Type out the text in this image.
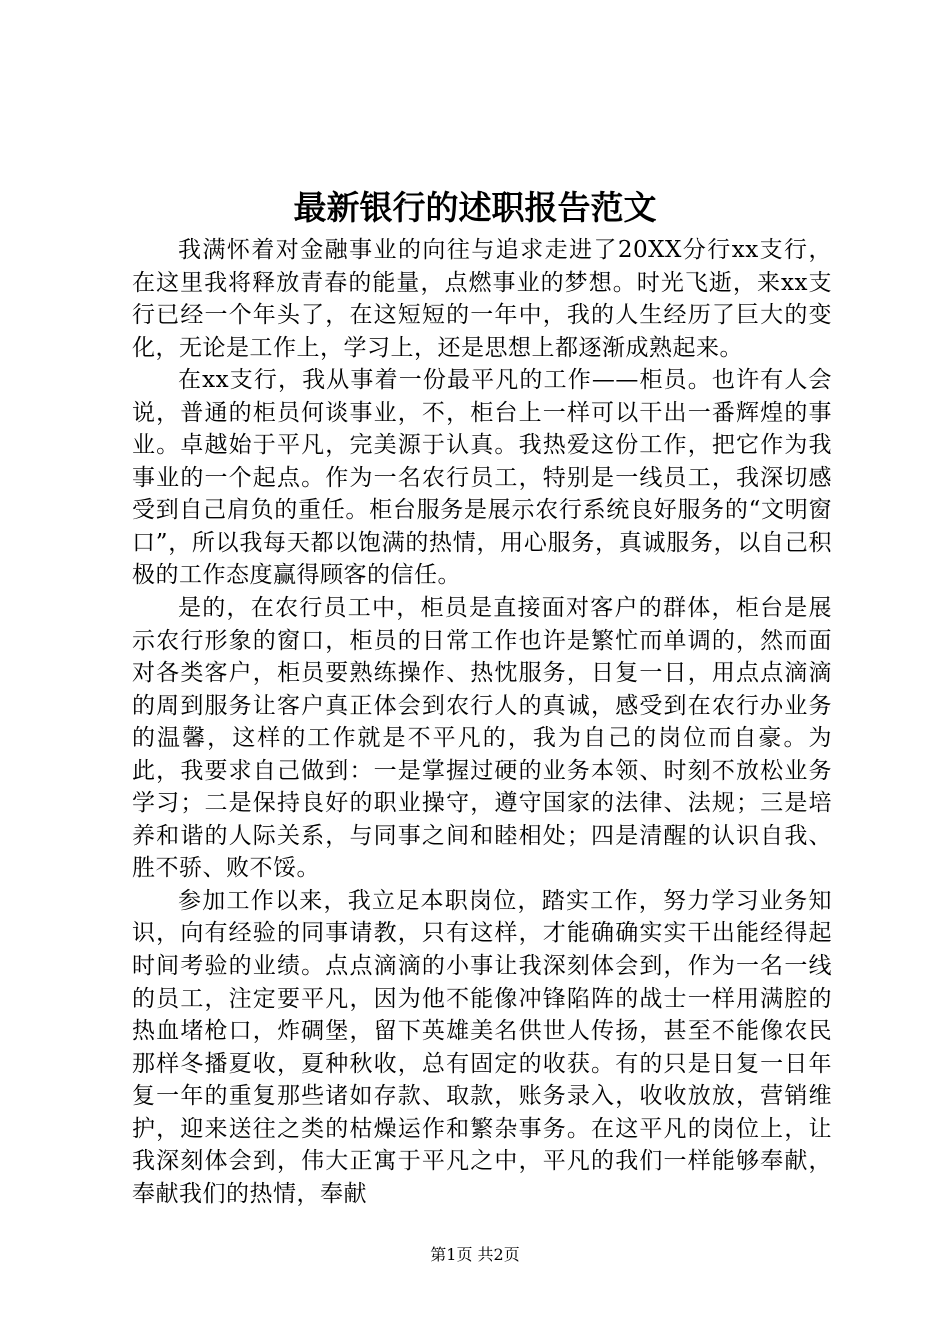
最新银行的述职报告范文

我满怀着对金融事业的向往与追求走进了20XX分行xx支行，在这里我将释放青春的能量，点燃事业的梦想。时光飞逝，来xx支行已经一个年头了，在这短短的一年中，我的人生经历了巨大的变化，无论是工作上，学习上，还是思想上都逐渐成熟起来。

在xx支行，我从事着一份最平凡的工作——柜员。也许有人会说，普通的柜员何谈事业，不，柜台上一样可以干出一番辉煌的事业。卓越始于平凡，完美源于认真。我热爱这份工作，把它作为我事业的一个起点。作为一名农行员工，特别是一线员工，我深切感受到自己肩负的重任。柜台服务是展示农行系统良好服务的“文明窗口”，所以我每天都以饱满的热情，用心服务，真诚服务，以自己积极的工作态度赢得顾客的信任。

是的，在农行员工中，柜员是直接面对客户的群体，柜台是展示农行形象的窗口，柜员的日常工作也许是繁忙而单调的，然而面对各类客户，柜员要熟练操作、热忱服务，日复一日，用点点滴滴的周到服务让客户真正体会到农行人的真诚，感受到在农行办业务的温馨，这样的工作就是不平凡的，我为自己的岗位而自豪。为此，我要求自己做到：一是掌握过硬的业务本领、时刻不放松业务学习；二是保持良好的职业操守，遵守国家的法律、法规；三是培养和谐的人际关系，与同事之间和睦相处；四是清醒的认识自我、胜不骄、败不馁。

参加工作以来，我立足本职岗位，踏实工作，努力学习业务知识，向有经验的同事请教，只有这样，才能确确实实干出能经得起时间考验的业绩。点点滴滴的小事让我深刻体会到，作为一名一线的员工，注定要平凡，因为他不能像冲锋陷阵的战士一样用满腔的热血堵枪口，炸碉堡，留下英雄美名供世人传扬，甚至不能像农民那样冬播夏收，夏种秋收，总有固定的收获。有的只是日复一日年复一年的重复那些诸如存款、取款，账务录入，收收放放，营销维护，迎来送往之类的枯燥运作和繁杂事务。在这平凡的岗位上，让我深刻体会到，伟大正寓于平凡之中，平凡的我们一样能够奉献，奉献我们的热情，奉献

第1页 共2页
